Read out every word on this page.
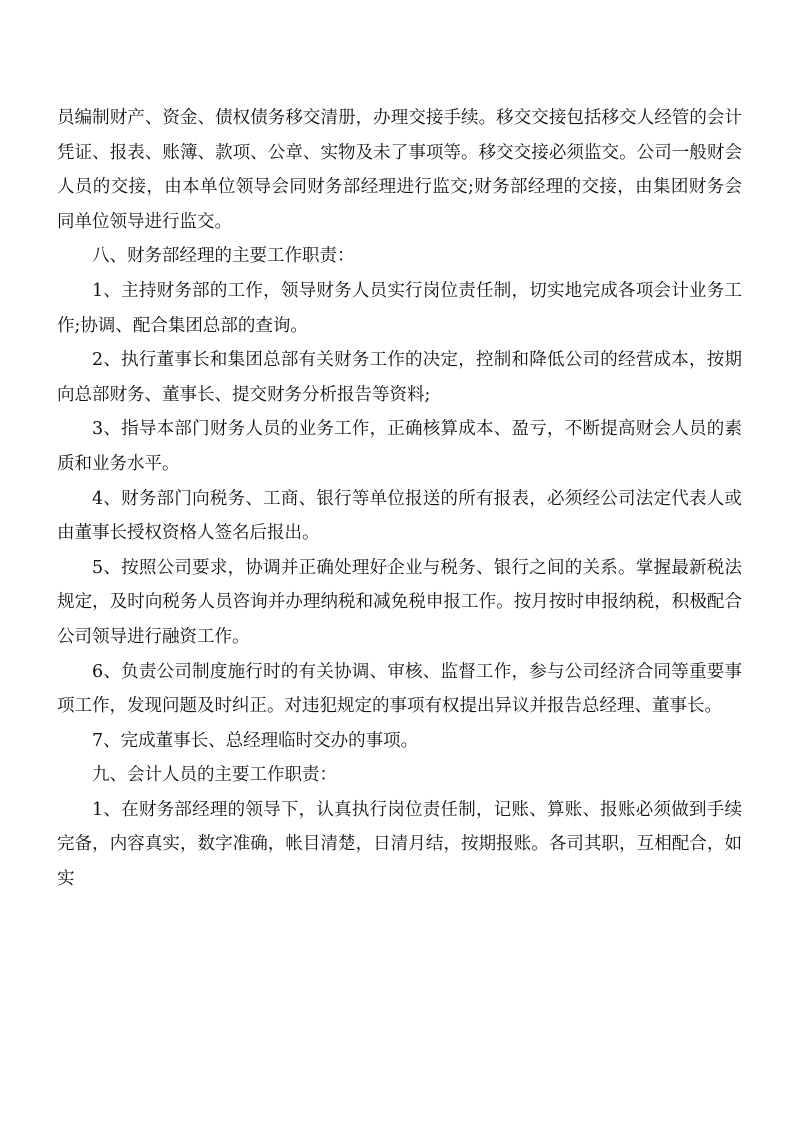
员编制财产、资金、债权债务移交清册，办理交接手续。移交交接包括移交人经管的会计凭证、报表、账簿、款项、公章、实物及未了事项等。移交交接必须监交。公司一般财会人员的交接，由本单位领导会同财务部经理进行监交;财务部经理的交接，由集团财务会同单位领导进行监交。

八、财务部经理的主要工作职责：

1、主持财务部的工作，领导财务人员实行岗位责任制，切实地完成各项会计业务工作;协调、配合集团总部的查询。

2、执行董事长和集团总部有关财务工作的决定，控制和降低公司的经营成本，按期向总部财务、董事长、提交财务分析报告等资料;

3、指导本部门财务人员的业务工作，正确核算成本、盈亏，不断提高财会人员的素质和业务水平。

4、财务部门向税务、工商、银行等单位报送的所有报表，必须经公司法定代表人或由董事长授权资格人签名后报出。

5、按照公司要求，协调并正确处理好企业与税务、银行之间的关系。掌握最新税法规定，及时向税务人员咨询并办理纳税和减免税申报工作。按月按时申报纳税，积极配合公司领导进行融资工作。

6、负责公司制度施行时的有关协调、审核、监督工作，参与公司经济合同等重要事项工作，发现问题及时纠正。对违犯规定的事项有权提出异议并报告总经理、董事长。

7、完成董事长、总经理临时交办的事项。

九、会计人员的主要工作职责：

1、在财务部经理的领导下，认真执行岗位责任制，记账、算账、报账必须做到手续完备，内容真实，数字准确，帐目清楚，日清月结，按期报账。各司其职，互相配合，如实
